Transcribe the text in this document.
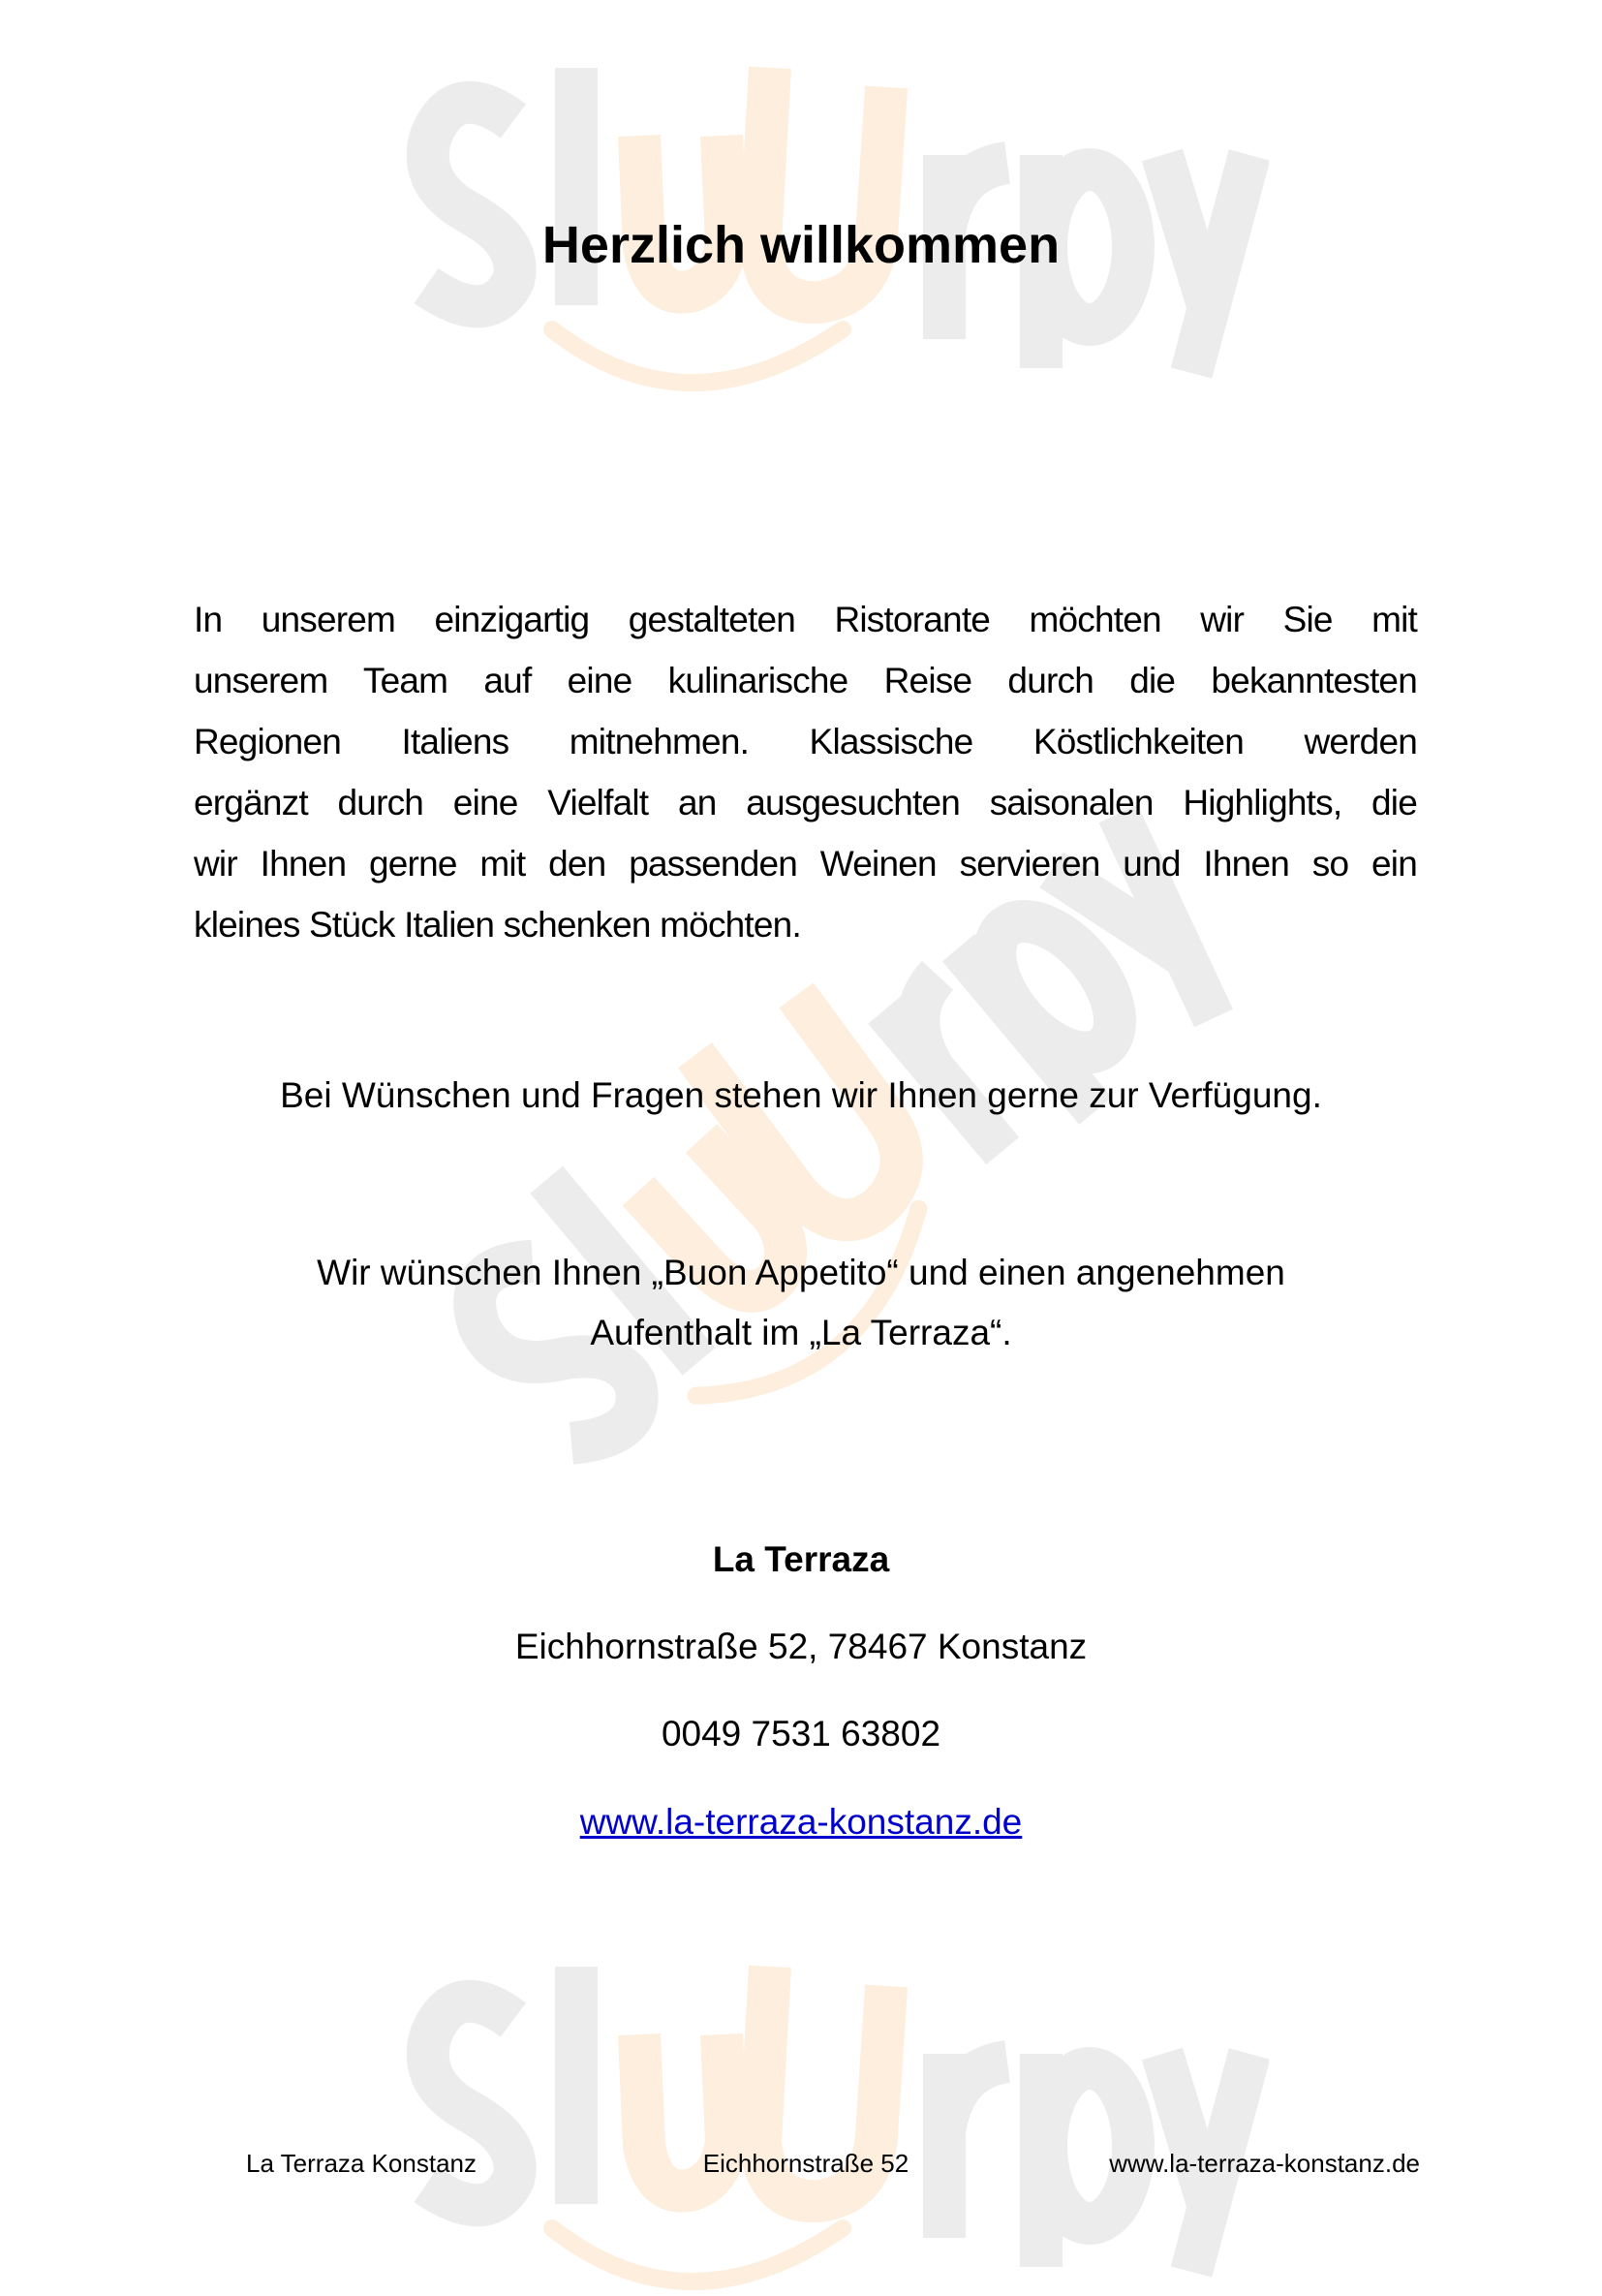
Herzlich willkommen
In unserem einzigartig gestalteten Ristorante möchten wir Sie mit
unserem Team auf eine kulinarische Reise durch die bekanntesten
Regionen Italiens mitnehmen. Klassische Köstlichkeiten werden
ergänzt durch eine Vielfalt an ausgesuchten saisonalen Highlights, die
wir Ihnen gerne mit den passenden Weinen servieren und Ihnen so ein
kleines Stück Italien schenken möchten.
Bei Wünschen und Fragen stehen wir Ihnen gerne zur Verfügung.
Wir wünschen Ihnen „Buon Appetito“ und einen angenehmen
Aufenthalt im „La Terraza“.
La Terraza
Eichhornstraße 52, 78467 Konstanz
0049 7531 63802
www.la-terraza-konstanz.de
La Terraza Konstanz	Eichhornstraße 52	www.la-terraza-konstanz.de
